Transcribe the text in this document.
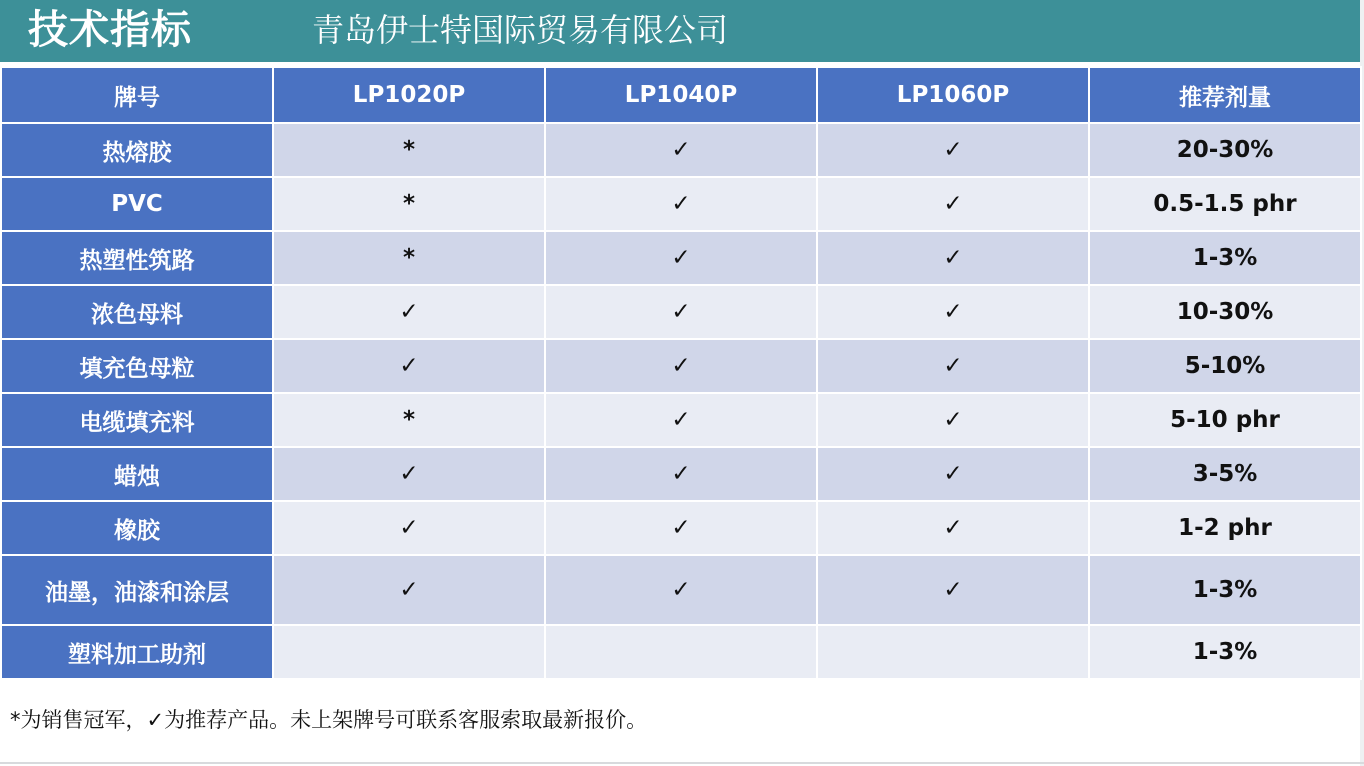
技术指标	青岛伊士特国际贸易有限公司
牌号	LP1020P	LP1040P	LP1060P	推荐剂量
热熔胶	*	✓	✓	20-30%
PVC	*	✓	✓	0.5-1.5 phr
热塑性筑路	*	✓	✓	1-3%
浓色母料	✓	✓	✓	10-30%
填充色母粒	✓	✓	✓	5-10%
电缆填充料	*	✓	✓	5-10 phr
蜡烛	✓	✓	✓	3-5%
橡胶	✓	✓	✓	1-2 phr
油墨，油漆和涂层	✓	✓	✓	1-3%
塑料加工助剂				1-3%
*为销售冠军，✓为推荐产品。未上架牌号可联系客服索取最新报价。
